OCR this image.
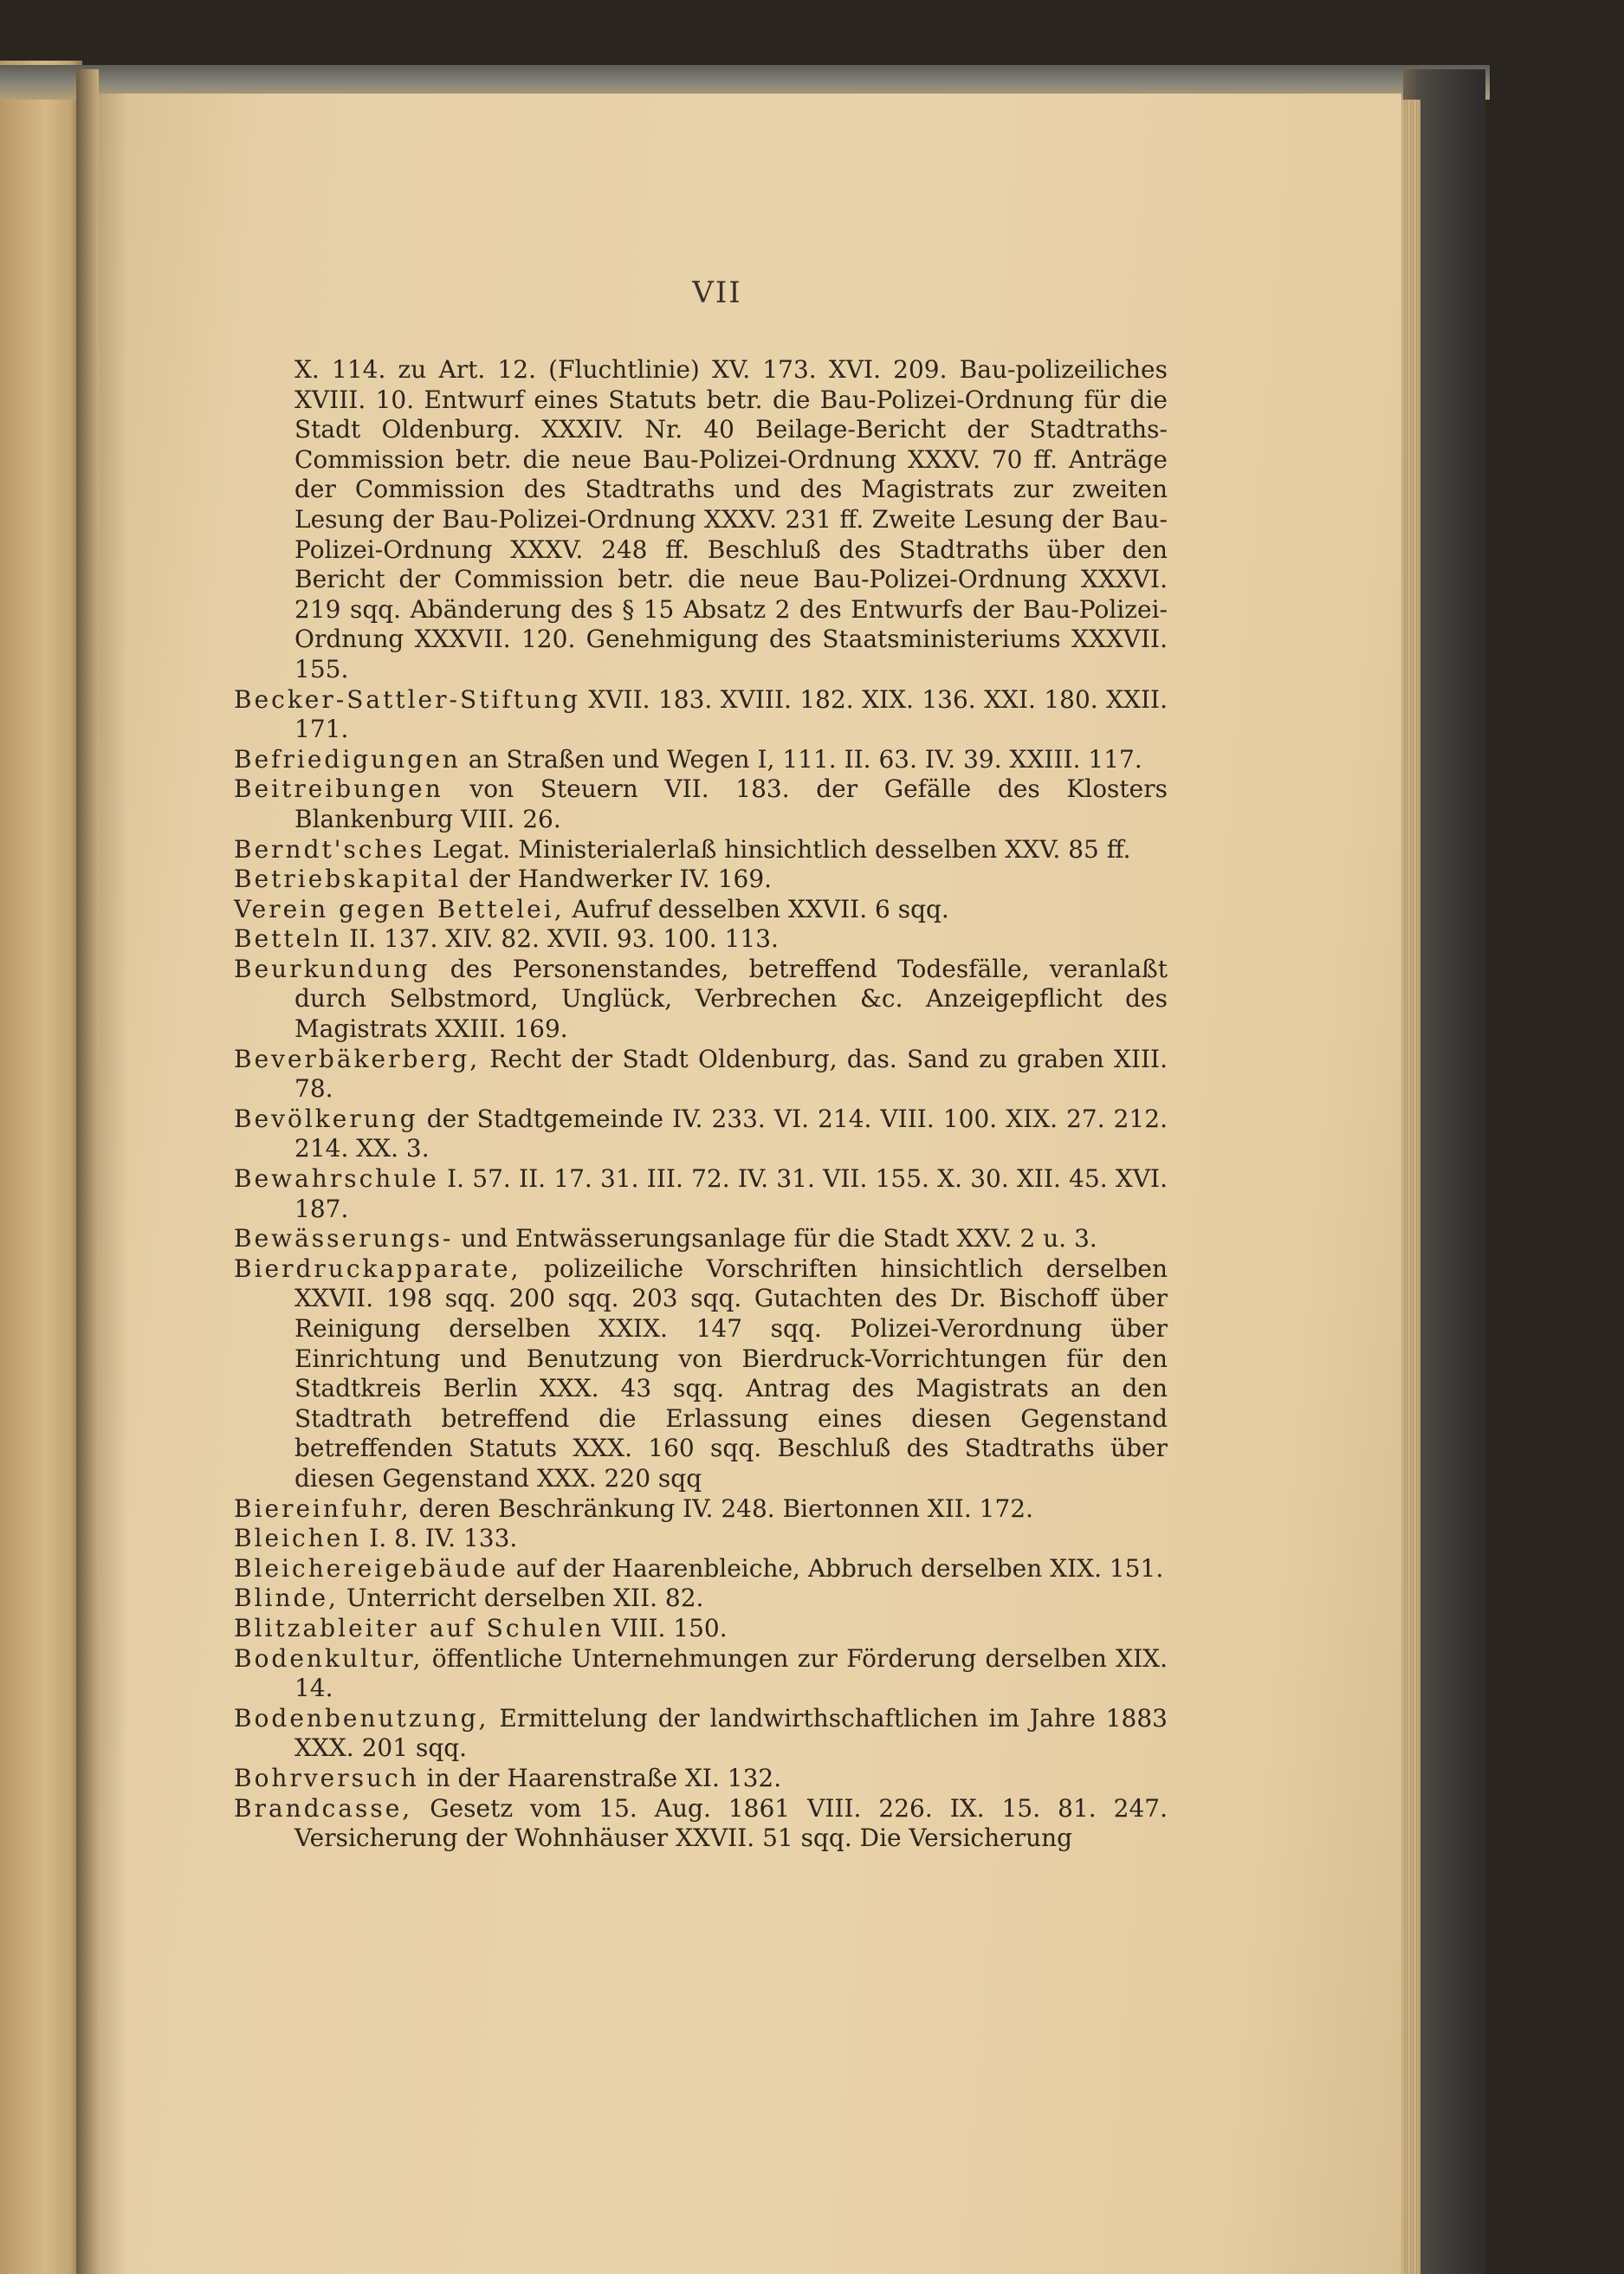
VII

X. 114. zu Art. 12. (Fluchtlinie) XV. 173. XVI. 209. Bau-polizeiliches XVIII. 10. Entwurf eines Statuts betr. die Bau-Polizei-Ordnung für die Stadt Oldenburg. XXXIV. Nr. 40 Beilage-Bericht der Stadtraths-Commission betr. die neue Bau-Polizei-Ordnung XXXV. 70 ff. Anträge der Commission des Stadtraths und des Magistrats zur zweiten Lesung der Bau-Polizei-Ordnung XXXV. 231 ff. Zweite Lesung der Bau-Polizei-Ordnung XXXV. 248 ff. Beschluß des Stadtraths über den Bericht der Commission betr. die neue Bau-Polizei-Ordnung XXXVI. 219 sqq. Abänderung des § 15 Absatz 2 des Entwurfs der Bau-Polizei-Ordnung XXXVII. 120. Genehmigung des Staatsministeriums XXXVII. 155.

Becker-Sattler-Stiftung XVII. 183. XVIII. 182. XIX. 136. XXI. 180. XXII. 171.

Befriedigungen an Straßen und Wegen I, 111. II. 63. IV. 39. XXIII. 117.

Beitreibungen von Steuern VII. 183. der Gefälle des Klosters Blankenburg VIII. 26.

Berndt'sches Legat. Ministerialerlaß hinsichtlich desselben XXV. 85 ff.

Betriebskapital der Handwerker IV. 169.

Verein gegen Bettelei, Aufruf desselben XXVII. 6 sqq.

Betteln II. 137. XIV. 82. XVII. 93. 100. 113.

Beurkundung des Personenstandes, betreffend Todesfälle, veranlaßt durch Selbstmord, Unglück, Verbrechen &c. Anzeigepflicht des Magistrats XXIII. 169.

Beverbäkerberg, Recht der Stadt Oldenburg, das. Sand zu graben XIII. 78.

Bevölkerung der Stadtgemeinde IV. 233. VI. 214. VIII. 100. XIX. 27. 212. 214. XX. 3.

Bewahrschule I. 57. II. 17. 31. III. 72. IV. 31. VII. 155. X. 30. XII. 45. XVI. 187.

Bewässerungs- und Entwässerungsanlage für die Stadt XXV. 2 u. 3.

Bierdruckapparate, polizeiliche Vorschriften hinsichtlich derselben XXVII. 198 sqq. 200 sqq. 203 sqq. Gutachten des Dr. Bischoff über Reinigung derselben XXIX. 147 sqq. Polizei-Verordnung über Einrichtung und Benutzung von Bierdruck-Vorrichtungen für den Stadtkreis Berlin XXX. 43 sqq. Antrag des Magistrats an den Stadtrath betreffend die Erlassung eines diesen Gegenstand betreffenden Statuts XXX. 160 sqq. Beschluß des Stadtraths über diesen Gegenstand XXX. 220 sqq

Biereinfuhr, deren Beschränkung IV. 248. Biertonnen XII. 172.

Bleichen I. 8. IV. 133.

Bleichereigebäude auf der Haarenbleiche, Abbruch derselben XIX. 151.

Blinde, Unterricht derselben XII. 82.

Blitzableiter auf Schulen VIII. 150.

Bodenkultur, öffentliche Unternehmungen zur Förderung derselben XIX. 14.

Bodenbenutzung, Ermittelung der landwirthschaftlichen im Jahre 1883 XXX. 201 sqq.

Bohrversuch in der Haarenstraße XI. 132.

Brandcasse, Gesetz vom 15. Aug. 1861 VIII. 226. IX. 15. 81. 247. Versicherung der Wohnhäuser XXVII. 51 sqq. Die Versicherung
